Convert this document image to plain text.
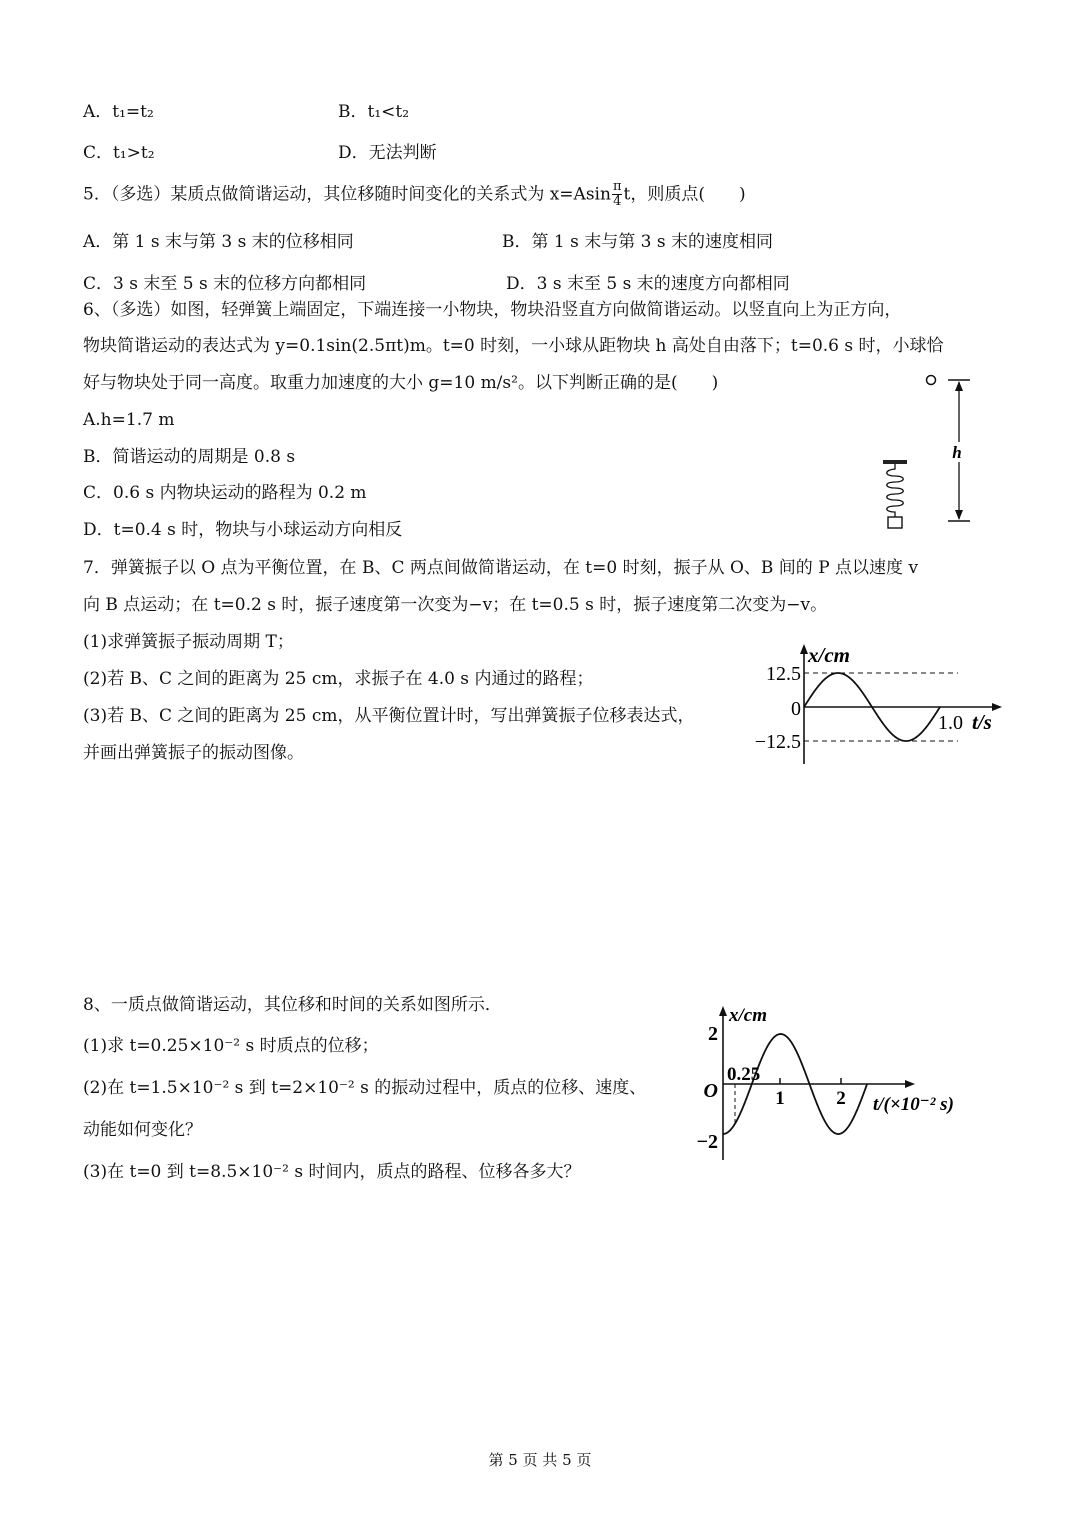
A．t₁=t₂	B．t₁<t₂
C．t₁>t₂	D．无法判断
5．（多选）某质点做简谐运动，其位移随时间变化的关系式为 $x=Asin \frac{\pi}{4}$ t，则质点(　　)
A．第 1 s 末与第 3 s 末的位移相同	B．第 1 s 末与第 3 s 末的速度相同
C．3 s 末至 5 s 末的位移方向都相同	D．3 s 末至 5 s 末的速度方向都相同
6、（多选）如图，轻弹簧上端固定，下端连接一小物块，物块沿竖直方向做简谐运动。以竖直向上为正方向，
物块简谐运动的表达式为 y=0.1sin(2.5πt)m。t=0 时刻，一小球从距物块 h 高处自由落下；t=0.6 s 时，小球恰
好与物块处于同一高度。取重力加速度的大小 g=10 m/s²。以下判断正确的是(　　)
A.h=1.7 m
B．简谐运动的周期是 0.8 s
C．0.6 s 内物块运动的路程为 0.2 m
D．t=0.4 s 时，物块与小球运动方向相反
h
7．弹簧振子以 O 点为平衡位置，在 B、C 两点间做简谐运动，在 t=0 时刻，振子从 O、B 间的 P 点以速度 v
向 B 点运动；在 t=0.2 s 时，振子速度第一次变为−v；在 t=0.5 s 时，振子速度第二次变为−v。
(1)求弹簧振子振动周期 T；
(2)若 B、C 之间的距离为 25 cm，求振子在 4.0 s 内通过的路程；
(3)若 B、C 之间的距离为 25 cm，从平衡位置计时，写出弹簧振子位移表达式，
并画出弹簧振子的振动图像。
x/cm
12.5
0
−12.5
1.0 t/s
8、一质点做简谐运动，其位移和时间的关系如图所示．
(1)求 t=0.25×10⁻² s 时质点的位移；
(2)在 t=1.5×10⁻² s 到 t=2×10⁻² s 的振动过程中，质点的位移、速度、
动能如何变化？
(3)在 t=0 到 t=8.5×10⁻² s 时间内，质点的路程、位移各多大？
x/cm
2
O
−2
0.25
1	2 t/(×10⁻² s)
第 5 页 共 5 页
